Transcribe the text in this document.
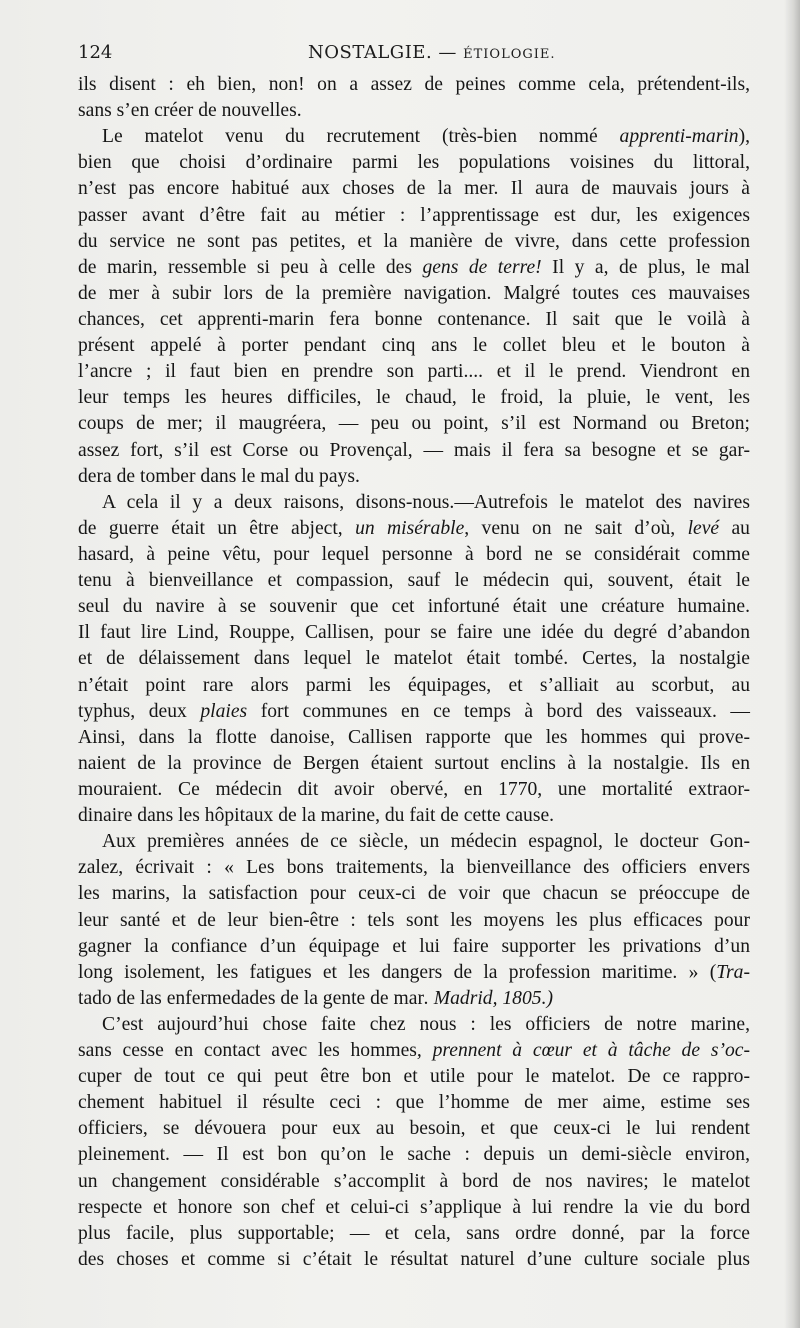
124	NOSTALGIE. — ÉTIOLOGIE.
ils disent : eh bien, non! on a assez de peines comme cela, prétendent-ils,
sans s’en créer de nouvelles.
Le matelot venu du recrutement (très-bien nommé apprenti-marin),
bien que choisi d’ordinaire parmi les populations voisines du littoral,
n’est pas encore habitué aux choses de la mer. Il aura de mauvais jours à
passer avant d’être fait au métier : l’apprentissage est dur, les exigences
du service ne sont pas petites, et la manière de vivre, dans cette profession
de marin, ressemble si peu à celle des gens de terre! Il y a, de plus, le mal
de mer à subir lors de la première navigation. Malgré toutes ces mauvaises
chances, cet apprenti-marin fera bonne contenance. Il sait que le voilà à
présent appelé à porter pendant cinq ans le collet bleu et le bouton à
l’ancre ; il faut bien en prendre son parti.... et il le prend. Viendront en
leur temps les heures difficiles, le chaud, le froid, la pluie, le vent, les
coups de mer; il maugréera, — peu ou point, s’il est Normand ou Breton;
assez fort, s’il est Corse ou Provençal, — mais il fera sa besogne et se gar-
dera de tomber dans le mal du pays.
A cela il y a deux raisons, disons-nous.—Autrefois le matelot des navires
de guerre était un être abject, un misérable, venu on ne sait d’où, levé au
hasard, à peine vêtu, pour lequel personne à bord ne se considérait comme
tenu à bienveillance et compassion, sauf le médecin qui, souvent, était le
seul du navire à se souvenir que cet infortuné était une créature humaine.
Il faut lire Lind, Rouppe, Callisen, pour se faire une idée du degré d’abandon
et de délaissement dans lequel le matelot était tombé. Certes, la nostalgie
n’était point rare alors parmi les équipages, et s’alliait au scorbut, au
typhus, deux plaies fort communes en ce temps à bord des vaisseaux. —
Ainsi, dans la flotte danoise, Callisen rapporte que les hommes qui prove-
naient de la province de Bergen étaient surtout enclins à la nostalgie. Ils en
mouraient. Ce médecin dit avoir obervé, en 1770, une mortalité extraor-
dinaire dans les hôpitaux de la marine, du fait de cette cause.
Aux premières années de ce siècle, un médecin espagnol, le docteur Gon-
zalez, écrivait : « Les bons traitements, la bienveillance des officiers envers
les marins, la satisfaction pour ceux-ci de voir que chacun se préoccupe de
leur santé et de leur bien-être : tels sont les moyens les plus efficaces pour
gagner la confiance d’un équipage et lui faire supporter les privations d’un
long isolement, les fatigues et les dangers de la profession maritime. » (Tra-
tado de las enfermedades de la gente de mar. Madrid, 1805.)
C’est aujourd’hui chose faite chez nous : les officiers de notre marine,
sans cesse en contact avec les hommes, prennent à cœur et à tâche de s’oc-
cuper de tout ce qui peut être bon et utile pour le matelot. De ce rappro-
chement habituel il résulte ceci : que l’homme de mer aime, estime ses
officiers, se dévouera pour eux au besoin, et que ceux-ci le lui rendent
pleinement. — Il est bon qu’on le sache : depuis un demi-siècle environ,
un changement considérable s’accomplit à bord de nos navires; le matelot
respecte et honore son chef et celui-ci s’applique à lui rendre la vie du bord
plus facile, plus supportable; — et cela, sans ordre donné, par la force
des choses et comme si c’était le résultat naturel d’une culture sociale plus
